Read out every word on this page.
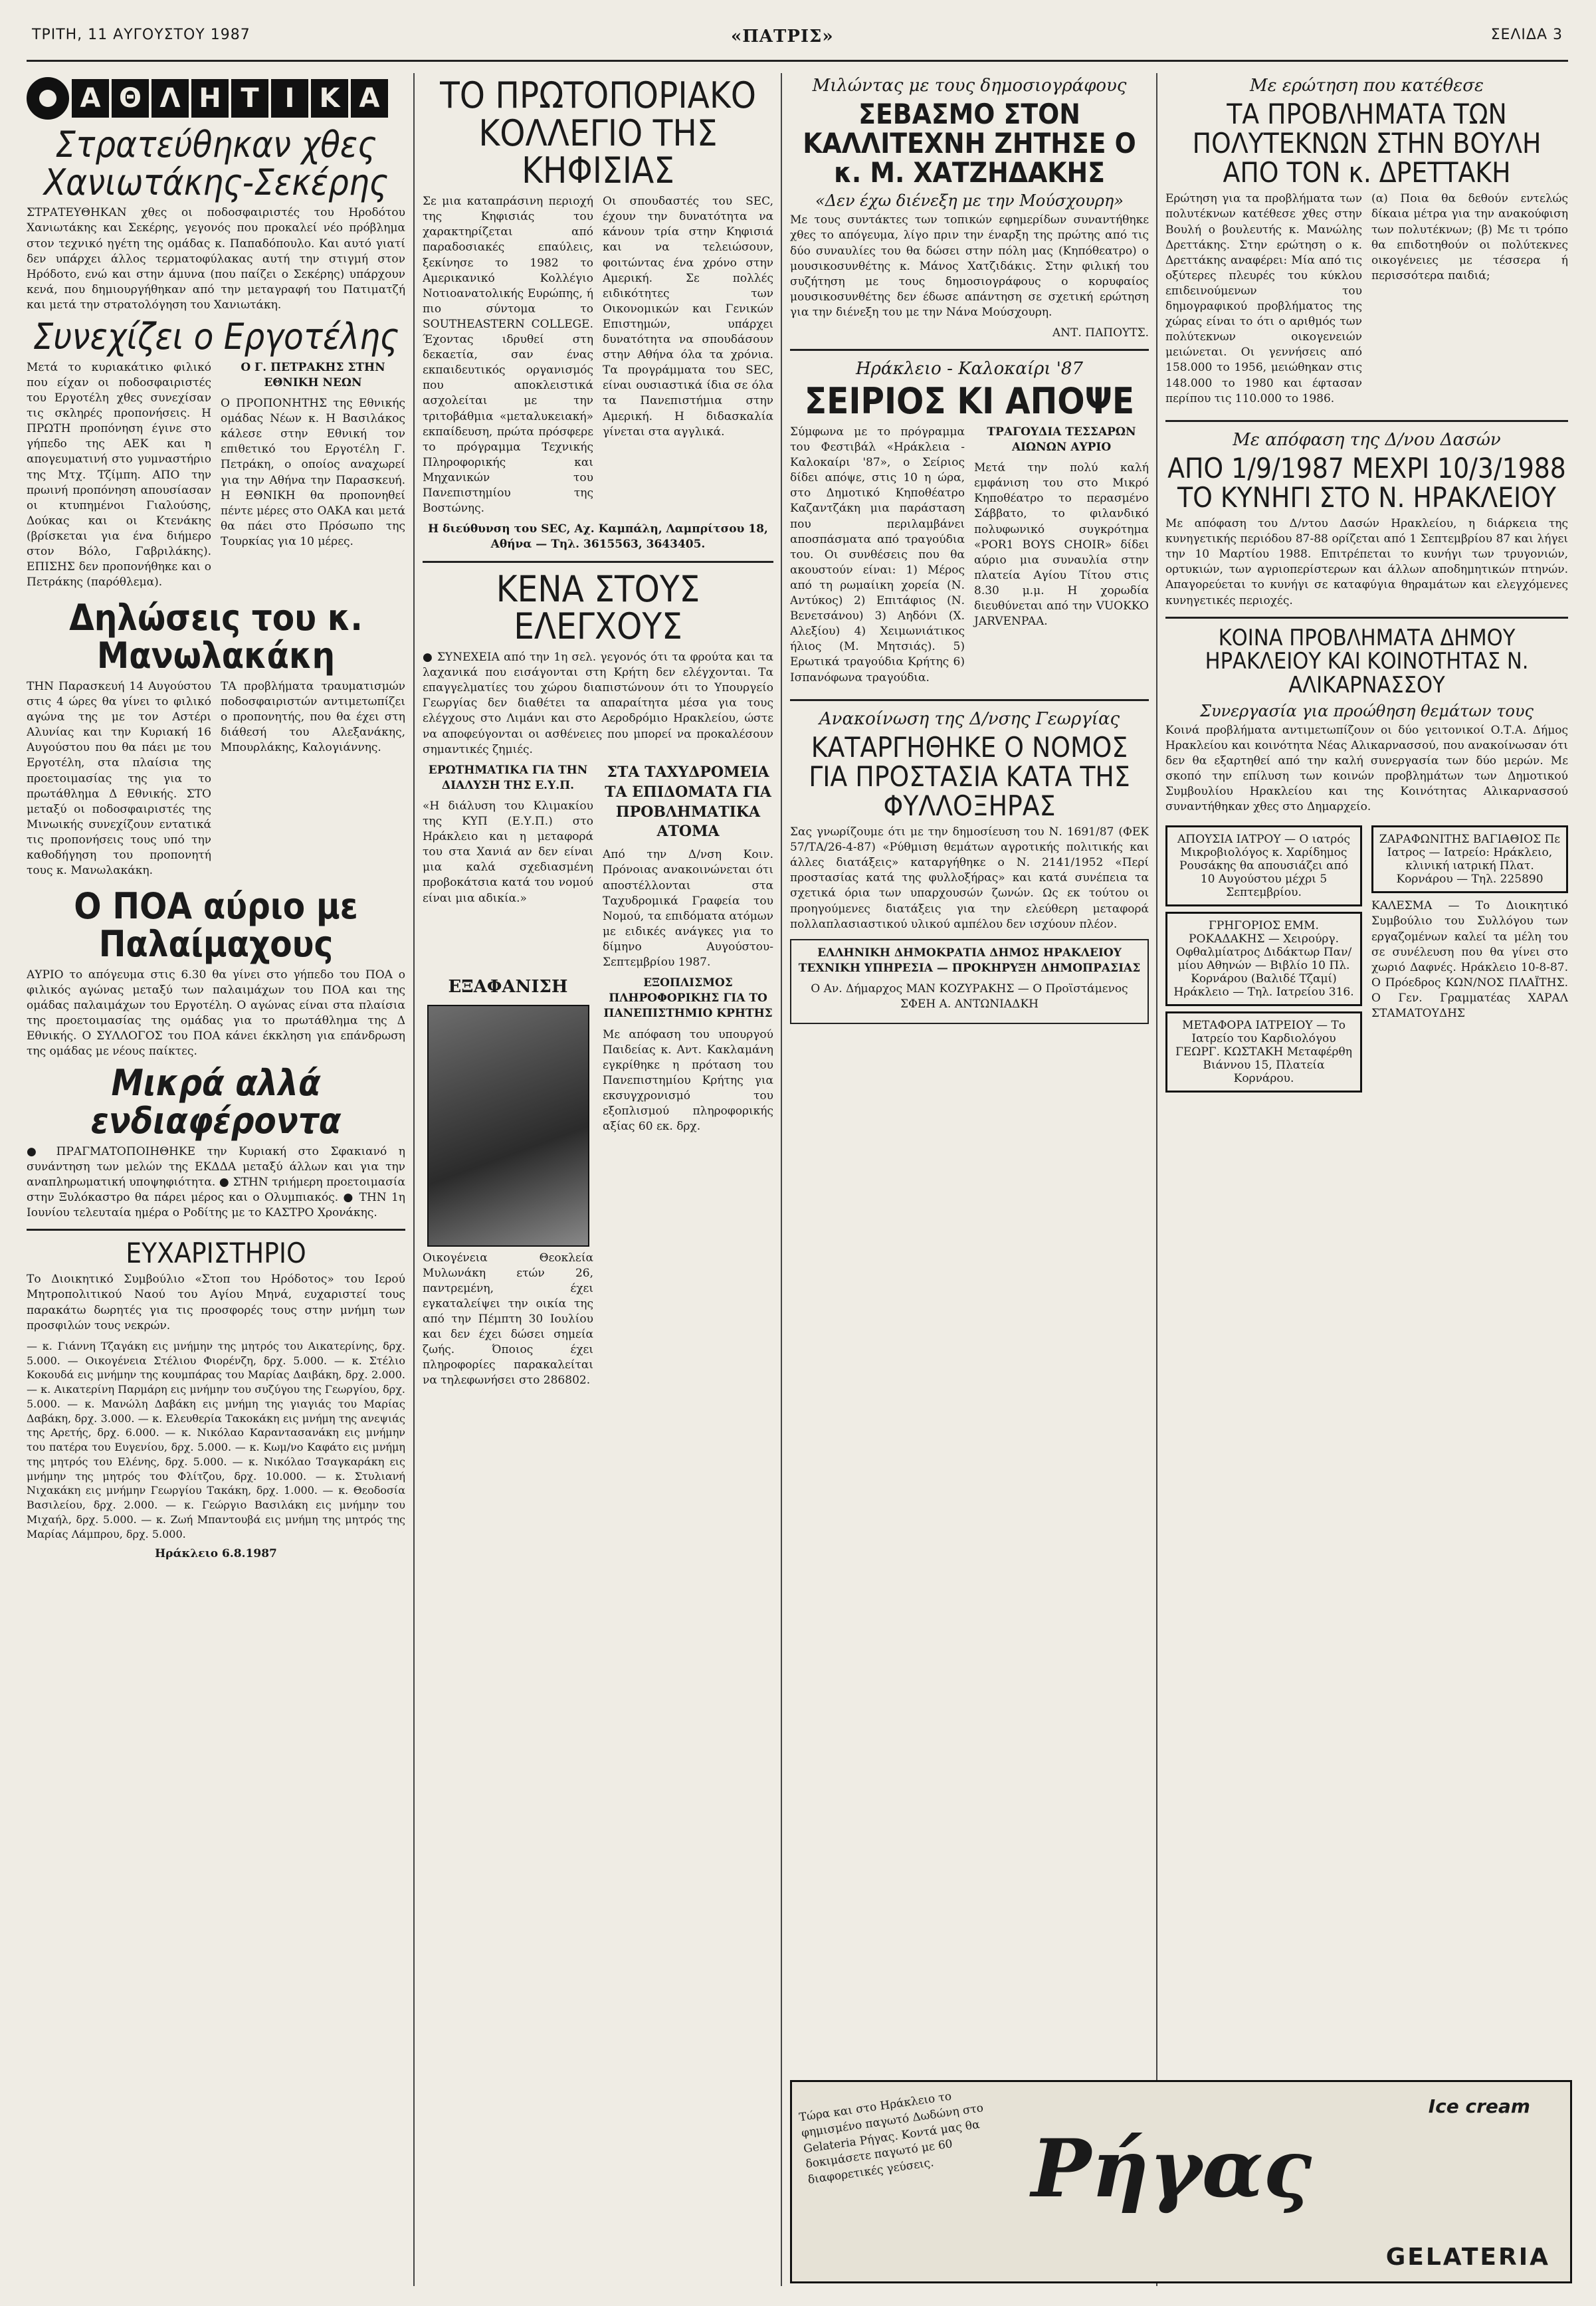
ΤΡΙΤΗ, 11 ΑΥΓΟΥΣΤΟΥ 1987	«ΠΑΤΡΙΣ»	ΣΕΛΙΔΑ 3
Α Θ Λ Η Τ Ι Κ Α
Στρατεύθηκαν χθες Χανιωτάκης-Σεκέρης

ΣΤΡΑΤΕΥΘΗΚΑΝ χθες οι ποδοσφαιριστές του Ηροδότου Χανιωτάκης και Σεκέρης, γεγονός που προκαλεί νέο πρόβλημα στον τεχνικό ηγέτη της ομάδας κ. Παπαδόπουλο. Και αυτό γιατί δεν υπάρχει άλλος τερματοφύλακας αυτή την στιγμή στον Ηρόδοτο, ενώ και στην άμυνα (που παίζει ο Σεκέρης) υπάρχουν κενά, που δημιουργήθηκαν από την μεταγραφή του Πατιματζή και μετά την στρατολόγηση του Χανιωτάκη.

Συνεχίζει ο Εργοτέλης

Μετά το κυριακάτικο φιλικό που είχαν οι ποδοσφαιριστές του Εργοτέλη χθες συνεχίσαν τις σκληρές προπονήσεις. Η ΠΡΩΤΗ προπόνηση έγινε στο γήπεδο της ΑΕΚ και η απογευματινή στο γυμναστήριο της Μτχ. Τζίμπη. ΑΠΟ την πρωινή προπόνηση απουσίασαν οι κτυπημένοι Γιαλούσης, Δούκας και οι Κτενάκης (βρίσκεται για ένα διήμερο στον Βόλο, Γαβριλάκης). ΕΠΙΣΗΣ δεν προπονήθηκε και ο Πετράκης (παρόθλεμα).

Ο Γ. ΠΕΤΡΑΚΗΣ ΣΤΗΝ ΕΘΝΙΚΗ ΝΕΩΝ

Ο ΠΡΟΠΟΝΗΤΗΣ της Εθνικής ομάδας Νέων κ. Η Βασιλάκος κάλεσε στην Εθνική τον επιθετικό του Εργοτέλη Γ. Πετράκη, ο οποίος αναχωρεί για την Αθήνα την Παρασκευή. Η ΕΘΝΙΚΗ θα προπονηθεί πέντε μέρες στο ΟΑΚΑ και μετά θα πάει στο Πρόσωπο της Τουρκίας για 10 μέρες.

Δηλώσεις του κ. Μανωλακάκη

ΤΗΝ Παρασκευή 14 Αυγούστου στις 4 ώρες θα γίνει το φιλικό αγώνα της με τον Αστέρι Αλυνίας και την Κυριακή 16 Αυγούστου που θα πάει με του Εργοτέλη, στα πλαίσια της προετοιμασίας της για το πρωτάθλημα Δ Εθνικής. ΣΤΟ μεταξύ οι ποδοσφαιριστές της Μινωικής συνεχίζουν εντατικά τις προπονήσεις τους υπό την καθοδήγηση του προπονητή τους κ. Μανωλακάκη.

ΤΑ προβλήματα τραυματισμών ποδοσφαιριστών αντιμετωπίζει ο προπονητής, που θα έχει στη διάθεσή του Αλεξανάκης, Μπουρλάκης, Καλογιάννης.

Ο ΠΟΑ αύριο με Παλαίμαχους

ΑΥΡΙΟ το απόγευμα στις 6.30 θα γίνει στο γήπεδο του ΠΟΑ ο φιλικός αγώνας μεταξύ των παλαιμάχων του ΠΟΑ και της ομάδας παλαιμάχων του Εργοτέλη. Ο αγώνας είναι στα πλαίσια της προετοιμασίας της ομάδας για το πρωτάθλημα της Δ Εθνικής. Ο ΣΥΛΛΟΓΟΣ του ΠΟΑ κάνει έκκληση για επάνδρωση της ομάδας με νέους παίκτες.

Μικρά αλλά ενδιαφέροντα

● ΠΡΑΓΜΑΤΟΠΟΙΗΘΗΚΕ την Κυριακή στο Σφακιανό η συνάντηση των μελών της ΕΚΔΔΑ μεταξύ άλλων και για την αναπληρωματική υποψηφιότητα. ● ΣΤΗΝ τριήμερη προετοιμασία στην Ξυλόκαστρο θα πάρει μέρος και ο Ολυμπιακός. ● ΤΗΝ 1η Ιουνίου τελευταία ημέρα ο Ροδίτης με το ΚΑΣΤΡΟ Χρονάκης.

ΕΥΧΑΡΙΣΤΗΡΙΟ

Το Διοικητικό Συμβούλιο «Στοπ του Ηρόδοτος» του Ιερού Μητροπολιτικού Ναού του Αγίου Μηνά, ευχαριστεί τους παρακάτω δωρητές για τις προσφορές τους στην μνήμη των προσφιλών τους νεκρών.

— κ. Γιάννη Τζαγάκη εις μνήμην της μητρός του Αικατερίνης, δρχ. 5.000. — Οικογένεια Στέλιου Φιορένζη, δρχ. 5.000. — κ. Στέλιο Κοκουδά εις μνήμην της κουμπάρας του Μαρίας Δαιβάκη, δρχ. 2.000. — κ. Αικατερίνη Παρμάρη εις μνήμην του συζύγου της Γεωργίου, δρχ. 5.000. — κ. Μανώλη Δαβάκη εις μνήμη της γιαγιάς του Μαρίας Δαβάκη, δρχ. 3.000. — κ. Ελευθερία Τακοκάκη εις μνήμη της ανεψιάς της Αρετής, δρχ. 6.000. — κ. Νικόλαο Καραντασανάκη εις μνήμην του πατέρα του Ευγενίου, δρχ. 5.000. — κ. Κωμ/νο Καφάτο εις μνήμη της μητρός του Ελένης, δρχ. 5.000. — κ. Νικόλαο Τσαγκαράκη εις μνήμην της μητρός του Φλίτζου, δρχ. 10.000. — κ. Στυλιανή Νιχακάκη εις μνήμην Γεωργίου Τακάκη, δρχ. 1.000. — κ. Θεοδοσία Βασιλείου, δρχ. 2.000. — κ. Γεώργιο Βασιλάκη εις μνήμην του Μιχαήλ, δρχ. 5.000. — κ. Ζωή Μπαντουβά εις μνήμη της μητρός της Μαρίας Λάμπρου, δρχ. 5.000.

Ηράκλειο 6.8.1987

ΤΟ ΠΡΩΤΟΠΟΡΙΑΚΟ ΚΟΛΛΕΓΙΟ ΤΗΣ ΚΗΦΙΣΙΑΣ

Σε μια καταπράσινη περιοχή της Κηφισιάς του χαρακτηρίζεται από παραδοσιακές επαύλεις, ξεκίνησε το 1982 το Αμερικανικό Κολλέγιο Νοτιοανατολικής Ευρώπης, ή πιο σύντομα το SOUTHEASTERN COLLEGE. Έχοντας ιδρυθεί στη δεκαετία, σαν ένας εκπαιδευτικός οργανισμός που αποκλειστικά ασχολείται με την τριτοβάθμια «μεταλυκειακή» εκπαίδευση, πρώτα πρόσφερε το πρόγραμμα Τεχνικής Πληροφορικής και Μηχανικών του Πανεπιστημίου της Βοστώνης.

Οι σπουδαστές του SEC, έχουν την δυνατότητα να κάνουν τρία στην Κηφισιά και να τελειώσουν, φοιτώντας ένα χρόνο στην Αμερική. Σε πολλές ειδικότητες των Οικονομικών και Γενικών Επιστημών, υπάρχει δυνατότητα να σπουδάσουν στην Αθήνα όλα τα χρόνια. Τα προγράμματα του SEC, είναι ουσιαστικά ίδια σε όλα τα Πανεπιστήμια στην Αμερική. Η διδασκαλία γίνεται στα αγγλικά.

Η διεύθυνση του SEC, Αχ. Καμπάλη, Λαμπρίτσου 18, Αθήνα — Τηλ. 3615563, 3643405.

ΚΕΝΑ ΣΤΟΥΣ ΕΛΕΓΧΟΥΣ

● ΣΥΝΕΧΕΙΑ από την 1η σελ. γεγονός ότι τα φρούτα και τα λαχανικά που εισάγονται στη Κρήτη δεν ελέγχονται. Τα επαγγελματίες του χώρου διαπιστώνουν ότι το Υπουργείο Γεωργίας δεν διαθέτει τα απαραίτητα μέσα για τους ελέγχους στο Λιμάνι και στο Αεροδρόμιο Ηρακλείου, ώστε να αποφεύγονται οι ασθένειες που μπορεί να προκαλέσουν σημαντικές ζημιές.

ΕΡΩΤΗΜΑΤΙΚΑ ΓΙΑ ΤΗΝ ΔΙΑΛΥΣΗ ΤΗΣ Ε.Υ.Π.

«Η διάλυση του Κλιμακίου της ΚΥΠ (Ε.Υ.Π.) στο Ηράκλειο και η μεταφορά του στα Χανιά αν δεν είναι μια καλά σχεδιασμένη προβοκάτσια κατά του νομού είναι μια αδικία.»

ΣΤΑ ΤΑΧΥΔΡΟΜΕΙΑ ΤΑ ΕΠΙΔΟΜΑΤΑ ΓΙΑ ΠΡΟΒΛΗΜΑΤΙΚΑ ΑΤΟΜΑ

Από την Δ/νση Κοιν. Πρόνοιας ανακοινώνεται ότι αποστέλλονται στα Ταχυδρομικά Γραφεία του Νομού, τα επιδόματα ατόμων με ειδικές ανάγκες για το δίμηνο Αυγούστου-Σεπτεμβρίου 1987.

ΕΞΑΦΑΝΙΣΗ

Οικογένεια Θεοκλεία Μυλωνάκη ετών 26, παντρεμένη, έχει εγκαταλείψει την οικία της από την Πέμπτη 30 Ιουλίου και δεν έχει δώσει σημεία ζωής. Όποιος έχει πληροφορίες παρακαλείται να τηλεφωνήσει στο 286802.

ΕΞΟΠΛΙΣΜΟΣ ΠΛΗΡΟΦΟΡΙΚΗΣ ΓΙΑ ΤΟ ΠΑΝΕΠΙΣΤΗΜΙΟ ΚΡΗΤΗΣ

Με απόφαση του υπουργού Παιδείας κ. Αντ. Κακλαμάνη εγκρίθηκε η πρόταση του Πανεπιστημίου Κρήτης για εκσυγχρονισμό του εξοπλισμού πληροφορικής αξίας 60 εκ. δρχ.

Μιλώντας με τους δημοσιογράφους
ΣΕΒΑΣΜΟ ΣΤΟΝ ΚΑΛΛΙΤΕΧΝΗ ΖΗΤΗΣΕ Ο κ. Μ. ΧΑΤΖΗΔΑΚΗΣ
«Δεν έχω διένεξη με την Μούσχουρη»

Με τους συντάκτες των τοπικών εφημερίδων συναντήθηκε χθες το απόγευμα, λίγο πριν την έναρξη της πρώτης από τις δύο συναυλίες του θα δώσει στην πόλη μας (Κηπόθεατρο) ο μουσικοσυνθέτης κ. Μάνος Χατζιδάκις. Στην φιλική του συζήτηση με τους δημοσιογράφους ο κορυφαίος μουσικοσυνθέτης δεν έδωσε απάντηση σε σχετική ερώτηση για την διένεξη του με την Νάνα Μούσχουρη.

ΑΝΤ. ΠΑΠΟΥΤΣ.

Ηράκλειο - Καλοκαίρι '87
ΣΕΙΡΙΟΣ ΚΙ ΑΠΟΨΕ

Σύμφωνα με το πρόγραμμα του Φεστιβάλ «Ηράκλεια - Καλοκαίρι '87», ο Σείριος δίδει απόψε, στις 10 η ώρα, στο Δημοτικό Κηποθέατρο Καζαντζάκη μια παράσταση που περιλαμβάνει αποσπάσματα από τραγούδια του. Οι συνθέσεις που θα ακουστούν είναι: 1) Μέρος από τη ρωμαίικη χορεία (Ν. Αντύκος) 2) Επιτάφιος (Ν. Βενετσάνου) 3) Αηδόνι (Χ. Αλεξίου) 4) Χειμωνιάτικος ήλιος (Μ. Μητσιάς). 5) Ερωτικά τραγούδια Κρήτης 6) Ισπανόφωνα τραγούδια.

ΤΡΑΓΟΥΔΙΑ ΤΕΣΣΑΡΩΝ ΑΙΩΝΩΝ ΑΥΡΙΟ

Μετά την πολύ καλή εμφάνιση του στο Μικρό Κηποθέατρο το περασμένο Σάββατο, το φιλανδικό πολυφωνικό συγκρότημα «POR1 BOYS CHOIR» δίδει αύριο μια συναυλία στην πλατεία Αγίου Τίτου στις 8.30 μ.μ. Η χορωδία διευθύνεται από την VUOKKO JARVENPAA.

Ανακοίνωση της Δ/νσης Γεωργίας
ΚΑΤΑΡΓΗΘΗΚΕ Ο ΝΟΜΟΣ ΓΙΑ ΠΡΟΣΤΑΣΙΑ ΚΑΤΑ ΤΗΣ ΦΥΛΛΟΞΗΡΑΣ

Σας γνωρίζουμε ότι με την δημοσίευση του Ν. 1691/87 (ΦΕΚ 57/ΤΑ/26-4-87) «Ρύθμιση θεμάτων αγροτικής πολιτικής και άλλες διατάξεις» καταργήθηκε ο Ν. 2141/1952 «Περί προστασίας κατά της φυλλοξήρας» και κατά συνέπεια τα σχετικά όρια των υπαρχουσών ζωνών. Ως εκ τούτου οι προηγούμενες διατάξεις για την ελεύθερη μεταφορά πολλαπλασιαστικού υλικού αμπέλου δεν ισχύουν πλέον.

ΕΛΛΗΝΙΚΗ ΔΗΜΟΚΡΑΤΙΑ ΔΗΜΟΣ ΗΡΑΚΛΕΙΟΥ ΤΕΧΝΙΚΗ ΥΠΗΡΕΣΙΑ — ΠΡΟΚΗΡΥΞΗ ΔΗΜΟΠΡΑΣΙΑΣ

Ο Αν. Δήμαρχος ΜΑΝ ΚΟΖΥΡΑΚΗΣ — Ο Προϊστάμενος ΣΦΕΗ Α. ΑΝΤΩΝΙΑΔΚΗ

Με ερώτηση που κατέθεσε
ΤΑ ΠΡΟΒΛΗΜΑΤΑ ΤΩΝ ΠΟΛΥΤΕΚΝΩΝ ΣΤΗΝ ΒΟΥΛΗ ΑΠΟ ΤΟΝ κ. ΔΡΕΤΤΑΚΗ

Ερώτηση για τα προβλήματα των πολυτέκνων κατέθεσε χθες στην Βουλή ο βουλευτής κ. Μανώλης Δρεττάκης. Στην ερώτηση ο κ. Δρεττάκης αναφέρει: Μία από τις οξύτερες πλευρές του κύκλου επιδεινούμενων του δημογραφικού προβλήματος της χώρας είναι το ότι ο αριθμός των πολύτεκνων οικογενειών μειώνεται. Οι γεννήσεις από 158.000 το 1956, μειώθηκαν στις 148.000 το 1980 και έφτασαν περίπου τις 110.000 το 1986.

(α) Ποια θα δεθούν εντελώς δίκαια μέτρα για την ανακούφιση των πολυτέκνων; (β) Με τι τρόπο θα επιδοτηθούν οι πολύτεκνες οικογένειες με τέσσερα ή περισσότερα παιδιά;

Με απόφαση της Δ/νου Δασών
ΑΠΟ 1/9/1987 ΜΕΧΡΙ 10/3/1988 ΤΟ ΚΥΝΗΓΙ ΣΤΟ Ν. ΗΡΑΚΛΕΙΟΥ

Με απόφαση του Δ/ντου Δασών Ηρακλείου, η διάρκεια της κυνηγετικής περιόδου 87-88 ορίζεται από 1 Σεπτεμβρίου 87 και λήγει την 10 Μαρτίου 1988. Επιτρέπεται το κυνήγι των τρυγονιών, ορτυκιών, των αγριοπερίστερων και άλλων αποδημητικών πτηνών. Απαγορεύεται το κυνήγι σε καταφύγια θηραμάτων και ελεγχόμενες κυνηγετικές περιοχές.

ΚΟΙΝΑ ΠΡΟΒΛΗΜΑΤΑ ΔΗΜΟΥ ΗΡΑΚΛΕΙΟΥ ΚΑΙ ΚΟΙΝΟΤΗΤΑΣ Ν. ΑΛΙΚΑΡΝΑΣΣΟΥ
Συνεργασία για προώθηση θεμάτων τους

Κοινά προβλήματα αντιμετωπίζουν οι δύο γειτονικοί Ο.Τ.Α. Δήμος Ηρακλείου και κοινότητα Νέας Αλικαρνασσού, που ανακοίνωσαν ότι δεν θα εξαρτηθεί από την καλή συνεργασία των δύο μερών. Με σκοπό την επίλυση των κοινών προβλημάτων των Δημοτικού Συμβουλίου Ηρακλείου και της Κοινότητας Αλικαρνασσού συναντήθηκαν χθες στο Δημαρχείο.

ΑΠΟΥΣΙΑ ΙΑΤΡΟΥ — Ο ιατρός Μικροβιολόγος κ. Χαρίδημος Ρουσάκης θα απουσιάζει από 10 Αυγούστου μέχρι 5 Σεπτεμβρίου.
ΓΡΗΓΟΡΙΟΣ ΕΜΜ. ΡΟΚΑΔΑΚΗΣ — Χειρούργ. Οφθαλμίατρος Διδάκτωρ Παν/μίου Αθηνών — Βιβλίο 10 Πλ. Κορνάρου (Βαλιδέ Τζαμί) Ηράκλειο — Τηλ. Ιατρείου 316.
ΜΕΤΑΦΟΡΑ ΙΑΤΡΕΙΟΥ — Το Ιατρείο του Καρδιολόγου ΓΕΩΡΓ. ΚΩΣΤΑΚΗ Μεταφέρθη Βιάννου 15, Πλατεία Κορνάρου.
ΖΑΡΑΦΩΝΙΤΗΣ ΒΑΓΙΑΘΙΟΣ Πε Ιατρος — Ιατρείο: Ηράκλειο, κλινική ιατρική Πλατ. Κορνάρου — Τηλ. 225890

ΚΑΛΕΣΜΑ — Το Διοικητικό Συμβούλιο του Συλλόγου των εργαζομένων καλεί τα μέλη του σε συνέλευση που θα γίνει στο χωριό Δαφνές. Ηράκλειο 10-8-87. Ο Πρόεδρος ΚΩΝ/ΝΟΣ ΠΛΑΪΤΗΣ. Ο Γεν. Γραμματέας ΧΑΡΑΛ ΣΤΑΜΑΤΟΥΔΗΣ

Τώρα και στο Ηράκλειο το φημισμένο παγωτό Δωδώνη στο Gelateria Ρήγας. Κοντά μας θα δοκιμάσετε παγωτό με 60 διαφορετικές γεύσεις.	Ρήγας
Ice cream
GELATERIA
